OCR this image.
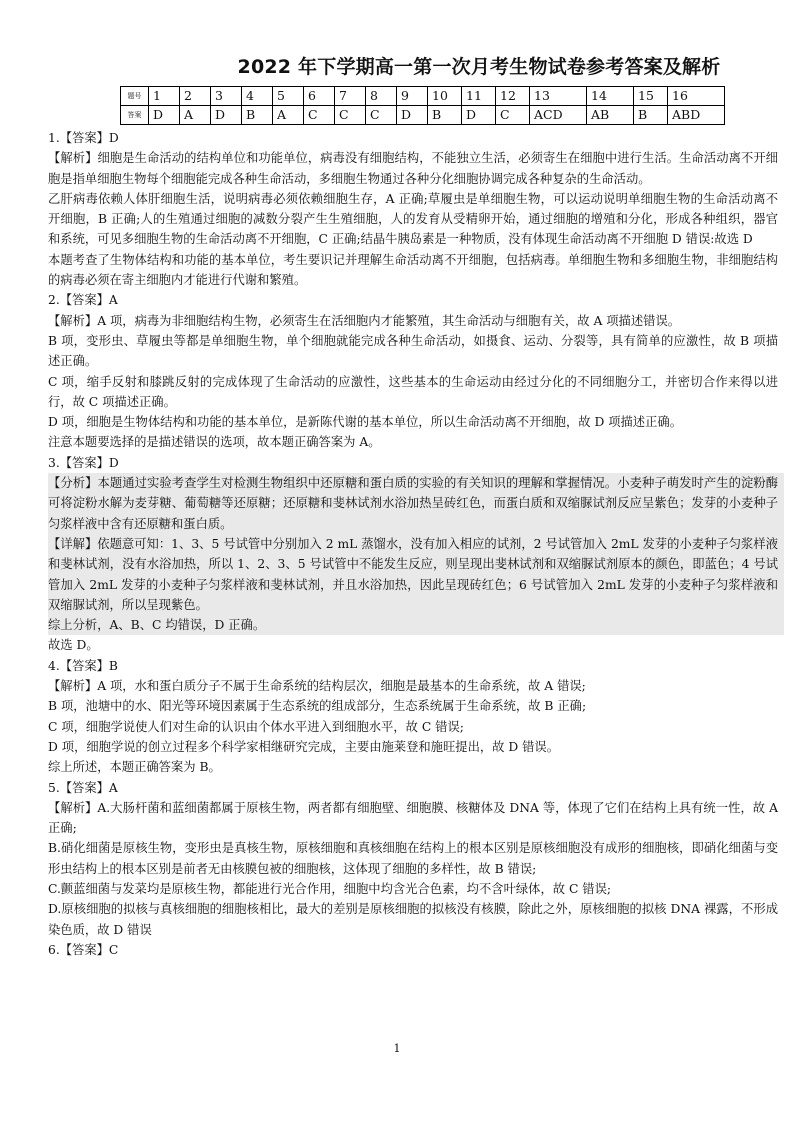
2022 年下学期高一第一次月考生物试卷参考答案及解析
题号	1	2	3	4	5	6	7	8	9	10	11	12	13	14	15	16
答案	D	A	D	B	A	C	C	C	D	B	D	C	ACD	AB	B	ABD

1.【答案】D

【解析】细胞是生命活动的结构单位和功能单位，病毒没有细胞结构，不能独立生活，必须寄生在细胞中进行生活。生命活动离不开细胞是指单细胞生物每个细胞能完成各种生命活动，多细胞生物通过各种分化细胞协调完成各种复杂的生命活动。

乙肝病毒依赖人体肝细胞生活，说明病毒必须依赖细胞生存，A 正确;草履虫是单细胞生物，可以运动说明单细胞生物的生命活动离不开细胞，B 正确;人的生殖通过细胞的减数分裂产生生殖细胞，人的发育从受精卵开始，通过细胞的增殖和分化，形成各种组织，器官和系统，可见多细胞生物的生命活动离不开细胞，C 正确;结晶牛胰岛素是一种物质，没有体现生命活动离不开细胞 D 错误:故选 D

本题考查了生物体结构和功能的基本单位，考生要识记并理解生命活动离不开细胞，包括病毒。单细胞生物和多细胞生物，非细胞结构的病毒必须在寄主细胞内才能进行代谢和繁殖。

2.【答案】A

【解析】A 项，病毒为非细胞结构生物，必须寄生在活细胞内才能繁殖，其生命活动与细胞有关，故 A 项描述错误。

B 项，变形虫、草履虫等都是单细胞生物，单个细胞就能完成各种生命活动，如摄食、运动、分裂等，具有简单的应激性，故 B 项描述正确。

C 项，缩手反射和膝跳反射的完成体现了生命活动的应激性，这些基本的生命运动由经过分化的不同细胞分工，并密切合作来得以进行，故 C 项描述正确。

D 项，细胞是生物体结构和功能的基本单位，是新陈代谢的基本单位，所以生命活动离不开细胞，故 D 项描述正确。

注意本题要选择的是描述错误的选项，故本题正确答案为 A。

3.【答案】D

【分析】本题通过实验考查学生对检测生物组织中还原糖和蛋白质的实验的有关知识的理解和掌握情况。小麦种子萌发时产生的淀粉酶可将淀粉水解为麦芽糖、葡萄糖等还原糖；还原糖和斐林试剂水浴加热呈砖红色，而蛋白质和双缩脲试剂反应呈紫色；发芽的小麦种子匀浆样液中含有还原糖和蛋白质。

【详解】依题意可知：1、3、5 号试管中分别加入 2 mL 蒸馏水，没有加入相应的试剂，2 号试管加入 2mL 发芽的小麦种子匀浆样液和斐林试剂，没有水浴加热，所以 1、2、3、5 号试管中不能发生反应，则呈现出斐林试剂和双缩脲试剂原本的颜色，即蓝色；4 号试管加入 2mL 发芽的小麦种子匀浆样液和斐林试剂，并且水浴加热，因此呈现砖红色；6 号试管加入 2mL 发芽的小麦种子匀浆样液和双缩脲试剂，所以呈现紫色。

综上分析，A、B、C 均错误，D 正确。

故选 D。

4.【答案】B

【解析】A 项，水和蛋白质分子不属于生命系统的结构层次，细胞是最基本的生命系统，故 A 错误;

B 项，池塘中的水、阳光等环境因素属于生态系统的组成部分，生态系统属于生命系统，故 B 正确;

C 项，细胞学说使人们对生命的认识由个体水平进入到细胞水平，故 C 错误;

D 项，细胞学说的创立过程多个科学家相继研究完成，主要由施莱登和施旺提出，故 D 错误。

综上所述，本题正确答案为 B。

5.【答案】A

【解析】A.大肠杆菌和蓝细菌都属于原核生物，两者都有细胞壁、细胞膜、核糖体及 DNA 等，体现了它们在结构上具有统一性，故 A 正确;

B.硝化细菌是原核生物，变形虫是真核生物，原核细胞和真核细胞在结构上的根本区别是原核细胞没有成形的细胞核，即硝化细菌与变形虫结构上的根本区别是前者无由核膜包被的细胞核，这体现了细胞的多样性，故 B 错误;

C.颤蓝细菌与发菜均是原核生物，都能进行光合作用，细胞中均含光合色素，均不含叶绿体，故 C 错误;

D.原核细胞的拟核与真核细胞的细胞核相比，最大的差别是原核细胞的拟核没有核膜，除此之外，原核细胞的拟核 DNA 裸露，不形成染色质，故 D 错误

6.【答案】C

1
